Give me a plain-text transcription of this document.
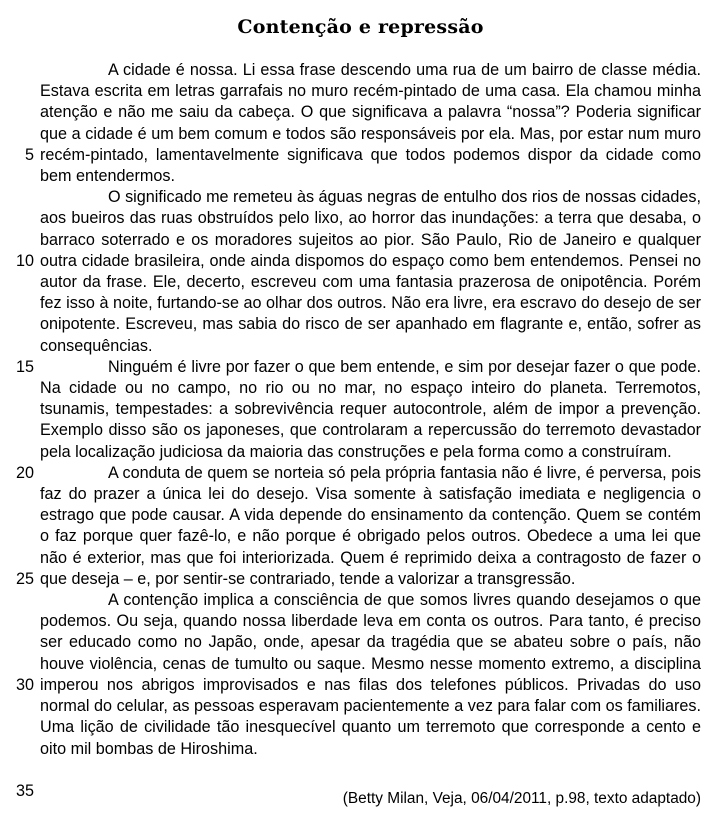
Contenção e repressão
5
10
15
20
25
30
35

A cidade é nossa. Li essa frase descendo uma rua de um bairro de classe média. Estava escrita em letras garrafais no muro recém-pintado de uma casa. Ela chamou minha atenção e não me saiu da cabeça. O que significava a palavra “nossa”? Poderia significar que a cidade é um bem comum e todos são responsáveis por ela. Mas, por estar num muro recém-pintado, lamentavelmente significava que todos podemos dispor da cidade como bem entendermos.

O significado me remeteu às águas negras de entulho dos rios de nossas cidades, aos bueiros das ruas obstruídos pelo lixo, ao horror das inundações: a terra que desaba, o barraco soterrado e os moradores sujeitos ao pior. São Paulo, Rio de Janeiro e qualquer outra cidade brasileira, onde ainda dispomos do espaço como bem entendemos. Pensei no autor da frase. Ele, decerto, escreveu com uma fantasia prazerosa de onipotência. Porém fez isso à noite, furtando-se ao olhar dos outros. Não era livre, era escravo do desejo de ser onipotente. Escreveu, mas sabia do risco de ser apanhado em flagrante e, então, sofrer as consequências.

Ninguém é livre por fazer o que bem entende, e sim por desejar fazer o que pode. Na cidade ou no campo, no rio ou no mar, no espaço inteiro do planeta. Terremotos, tsunamis, tempestades: a sobrevivência requer autocontrole, além de impor a prevenção. Exemplo disso são os japoneses, que controlaram a repercussão do terremoto devastador pela localização judiciosa da maioria das construções e pela forma como a construíram.

A conduta de quem se norteia só pela própria fantasia não é livre, é perversa, pois faz do prazer a única lei do desejo. Visa somente à satisfação imediata e negligencia o estrago que pode causar. A vida depende do ensinamento da contenção. Quem se contém o faz porque quer fazê-lo, e não porque é obrigado pelos outros. Obedece a uma lei que não é exterior, mas que foi interiorizada. Quem é reprimido deixa a contragosto de fazer o que deseja – e, por sentir-se contrariado, tende a valorizar a transgressão.

A contenção implica a consciência de que somos livres quando desejamos o que podemos. Ou seja, quando nossa liberdade leva em conta os outros. Para tanto, é preciso ser educado como no Japão, onde, apesar da tragédia que se abateu sobre o país, não houve violência, cenas de tumulto ou saque. Mesmo nesse momento extremo, a disciplina imperou nos abrigos improvisados e nas filas dos telefones públicos. Privadas do uso normal do celular, as pessoas esperavam pacientemente a vez para falar com os familiares. Uma lição de civilidade tão inesquecível quanto um terremoto que corresponde a cento e oito mil bombas de Hiroshima.

(Betty Milan, Veja, 06/04/2011, p.98, texto adaptado)
